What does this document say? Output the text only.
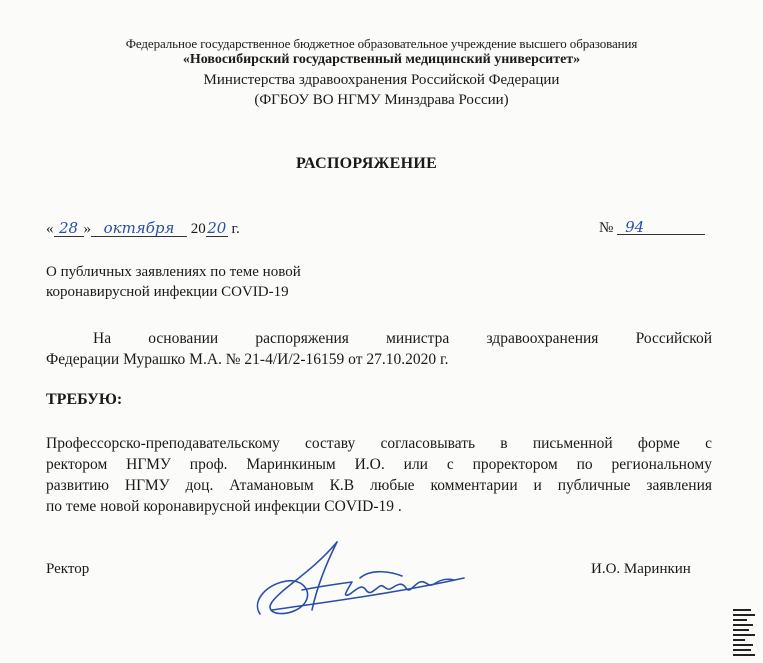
Федеральное государственное бюджетное образовательное учреждение высшего образования
«Новосибирский государственный медицинский университет»
Министерства здравоохранения Российской Федерации
(ФГБОУ ВО НГМУ Минздрава России)
РАСПОРЯЖЕНИЕ
« 28 » октября 2020 г.	№ 94
О публичных заявлениях по теме новой
коронавирусной инфекции COVID-19
На основании распоряжения министра здравоохранения Российской
Федерации Мурашко М.А. № 21-4/И/2-16159 от 27.10.2020 г.
ТРЕБУЮ:
Профессорско-преподавательскому составу согласовывать в письменной форме с
ректором НГМУ проф. Маринкиным И.О. или с проректором по региональному
развитию НГМУ доц. Атамановым К.В любые комментарии и публичные заявления
по теме новой коронавирусной инфекции COVID-19 .
Ректор	И.О. Маринкин
